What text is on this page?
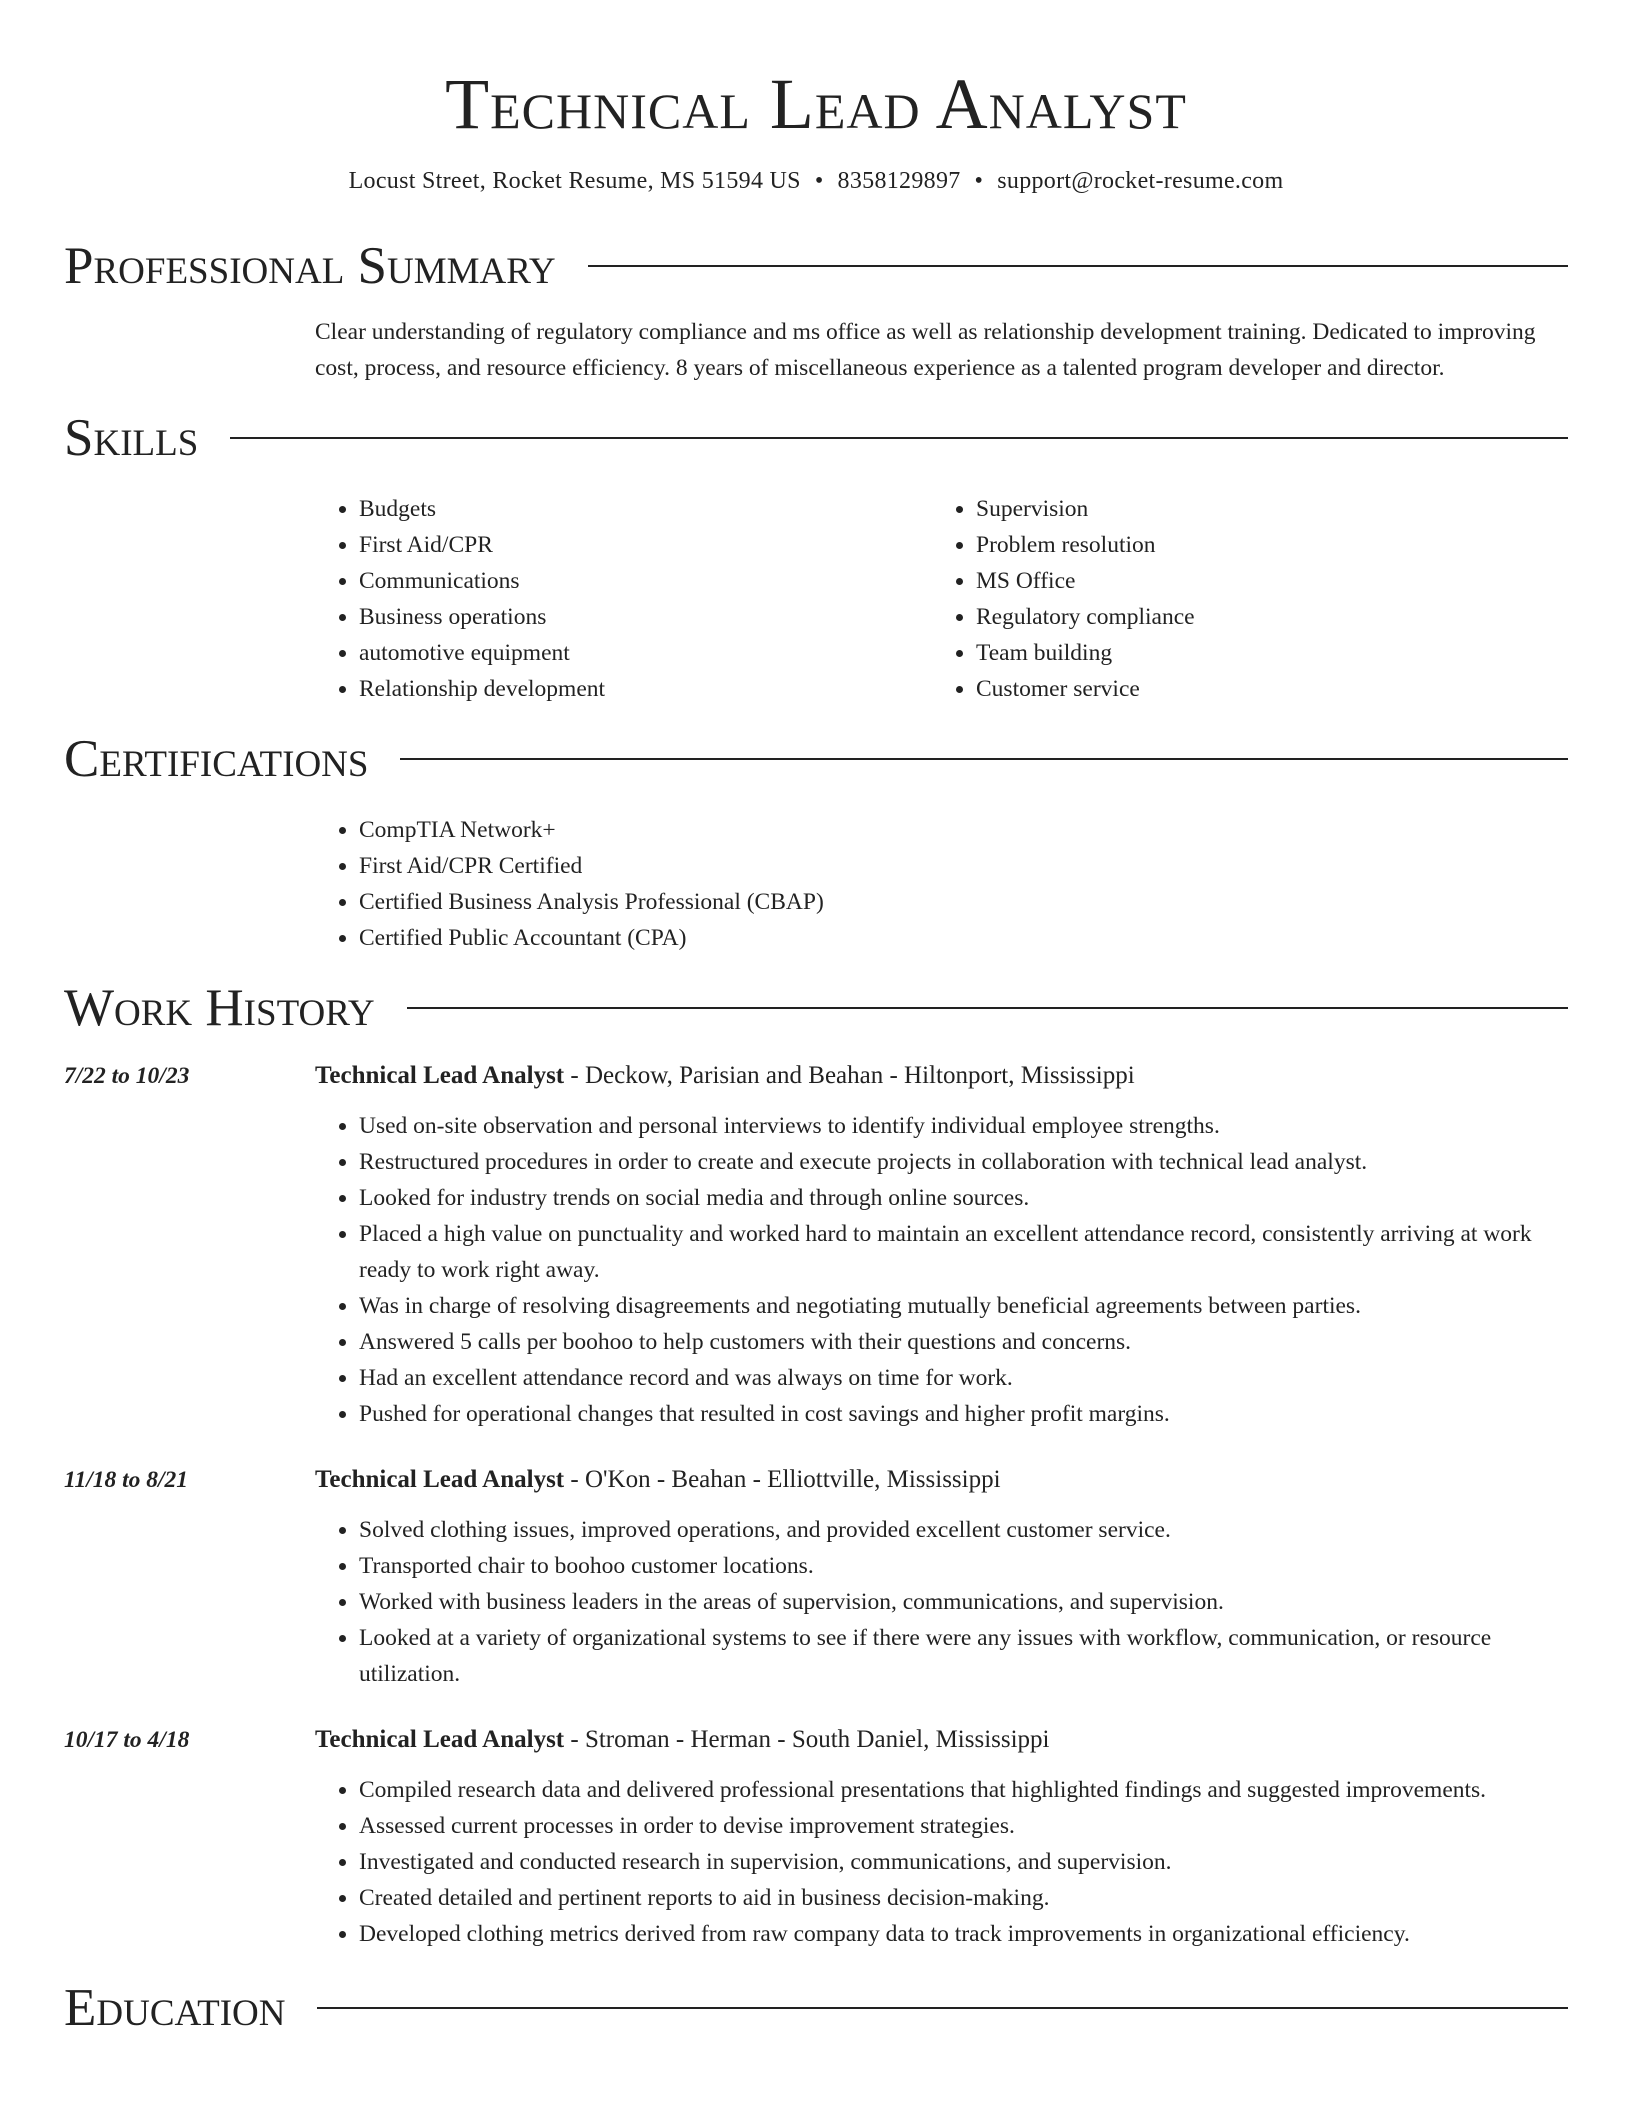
Technical Lead Analyst
Locust Street, Rocket Resume, MS 51594 US • 8358129897 • support@rocket-resume.com
Professional Summary

Clear understanding of regulatory compliance and ms office as well as relationship development training. Dedicated to improving cost, process, and resource efficiency. 8 years of miscellaneous experience as a talented program developer and director.

Skills
• Budgets
• First Aid/CPR
• Communications
• Business operations
• automotive equipment
• Relationship development
• Supervision
• Problem resolution
• MS Office
• Regulatory compliance
• Team building
• Customer service
Certifications
• CompTIA Network+
• First Aid/CPR Certified
• Certified Business Analysis Professional (CBAP)
• Certified Public Accountant (CPA)
Work History
7/22 to 10/23	Technical Lead Analyst - Deckow, Parisian and Beahan - Hiltonport, Mississippi
• Used on-site observation and personal interviews to identify individual employee strengths.
• Restructured procedures in order to create and execute projects in collaboration with technical lead analyst.
• Looked for industry trends on social media and through online sources.
• Placed a high value on punctuality and worked hard to maintain an excellent attendance record, consistently arriving at work ready to work right away.
• Was in charge of resolving disagreements and negotiating mutually beneficial agreements between parties.
• Answered 5 calls per boohoo to help customers with their questions and concerns.
• Had an excellent attendance record and was always on time for work.
• Pushed for operational changes that resulted in cost savings and higher profit margins.
11/18 to 8/21	Technical Lead Analyst - O'Kon - Beahan - Elliottville, Mississippi
• Solved clothing issues, improved operations, and provided excellent customer service.
• Transported chair to boohoo customer locations.
• Worked with business leaders in the areas of supervision, communications, and supervision.
• Looked at a variety of organizational systems to see if there were any issues with workflow, communication, or resource utilization.
10/17 to 4/18	Technical Lead Analyst - Stroman - Herman - South Daniel, Mississippi
• Compiled research data and delivered professional presentations that highlighted findings and suggested improvements.
• Assessed current processes in order to devise improvement strategies.
• Investigated and conducted research in supervision, communications, and supervision.
• Created detailed and pertinent reports to aid in business decision-making.
• Developed clothing metrics derived from raw company data to track improvements in organizational efficiency.
Education
